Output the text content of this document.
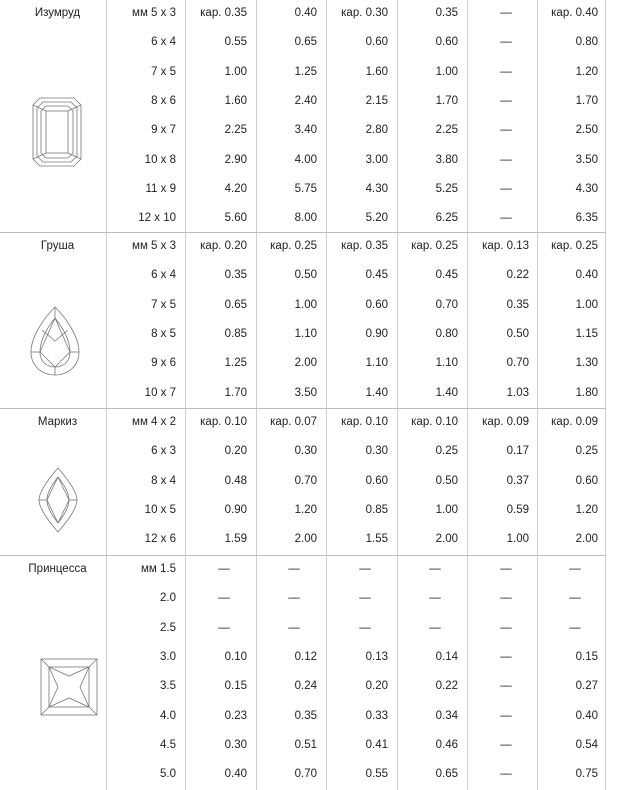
Изумруд	мм 5 x 3	кар. 0.35	0.40	кар. 0.30	0.35	—	кар. 0.40
6 x 4	0.55	0.65	0.60	0.60	—	0.80
7 x 5	1.00	1.25	1.60	1.00	—	1.20
8 x 6	1.60	2.40	2.15	1.70	—	1.70
9 x 7	2.25	3.40	2.80	2.25	—	2.50
10 x 8	2.90	4.00	3.00	3.80	—	3.50
11 x 9	4.20	5.75	4.30	5.25	—	4.30
12 x 10	5.60	8.00	5.20	6.25	—	6.35
Груша	мм 5 x 3	кар. 0.20	кар. 0.25	кар. 0.35	кар. 0.25	кар. 0.13	кар. 0.25
6 x 4	0.35	0.50	0.45	0.45	0.22	0.40
7 x 5	0.65	1.00	0.60	0.70	0.35	1.00
8 x 5	0.85	1.10	0.90	0.80	0.50	1.15
9 x 6	1.25	2.00	1.10	1.10	0.70	1.30
10 x 7	1.70	3.50	1.40	1.40	1.03	1.80
Маркиз	мм 4 x 2	кар. 0.10	кар. 0.07	кар. 0.10	кар. 0.10	кар. 0.09	кар. 0.09
6 x 3	0.20	0.30	0.30	0.25	0.17	0.25
8 x 4	0.48	0.70	0.60	0.50	0.37	0.60
10 x 5	0.90	1.20	0.85	1.00	0.59	1.20
12 x 6	1.59	2.00	1.55	2.00	1.00	2.00
Принцесса	мм 1.5	—	—	—	—	—	—
2.0	—	—	—	—	—	—
2.5	—	—	—	—	—	—
3.0	0.10	0.12	0.13	0.14	—	0.15
3.5	0.15	0.24	0.20	0.22	—	0.27
4.0	0.23	0.35	0.33	0.34	—	0.40
4.5	0.30	0.51	0.41	0.46	—	0.54
5.0	0.40	0.70	0.55	0.65	—	0.75
